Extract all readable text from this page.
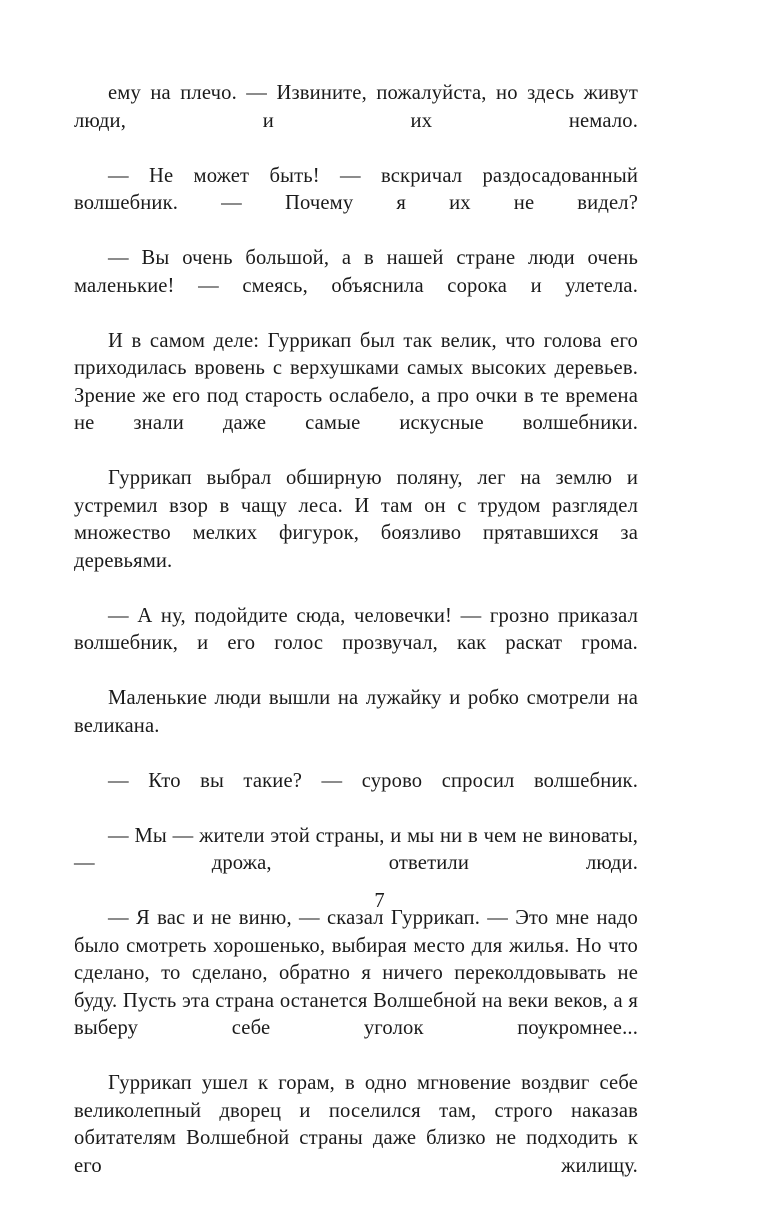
ему на плечо. — Извините, пожалуйста, но здесь живут люди, и их немало.

— Не может быть! — вскричал раздосадованный волшебник. — Почему я их не видел?

— Вы очень большой, а в нашей стране люди очень маленькие! — смеясь, объяснила сорока и улетела.

И в самом деле: Гуррикап был так велик, что голова его приходилась вровень с верхушками самых высоких деревьев. Зрение же его под старость ослабело, а про очки в те времена не знали даже самые искусные волшебники.

Гуррикап выбрал обширную поляну, лег на землю и устремил взор в чащу леса. И там он с трудом разглядел множество мелких фигурок, боязливо прятавшихся за деревьями.

— А ну, подойдите сюда, человечки! — грозно приказал волшебник, и его голос прозвучал, как раскат грома.

Маленькие люди вышли на лужайку и робко смотрели на великана.

— Кто вы такие? — сурово спросил волшебник.

— Мы — жители этой страны, и мы ни в чем не виноваты, — дрожа, ответили люди.

— Я вас и не виню, — сказал Гуррикап. — Это мне надо было смотреть хорошенько, выбирая место для жилья. Но что сделано, то сделано, обратно я ничего переколдовывать не буду. Пусть эта страна останется Волшебной на веки веков, а я выберу себе уголок поукромнее...

Гуррикап ушел к горам, в одно мгновение воздвиг себе великолепный дворец и поселился там, строго наказав обитателям Волшебной страны даже близко не подходить к его жилищу.

7
